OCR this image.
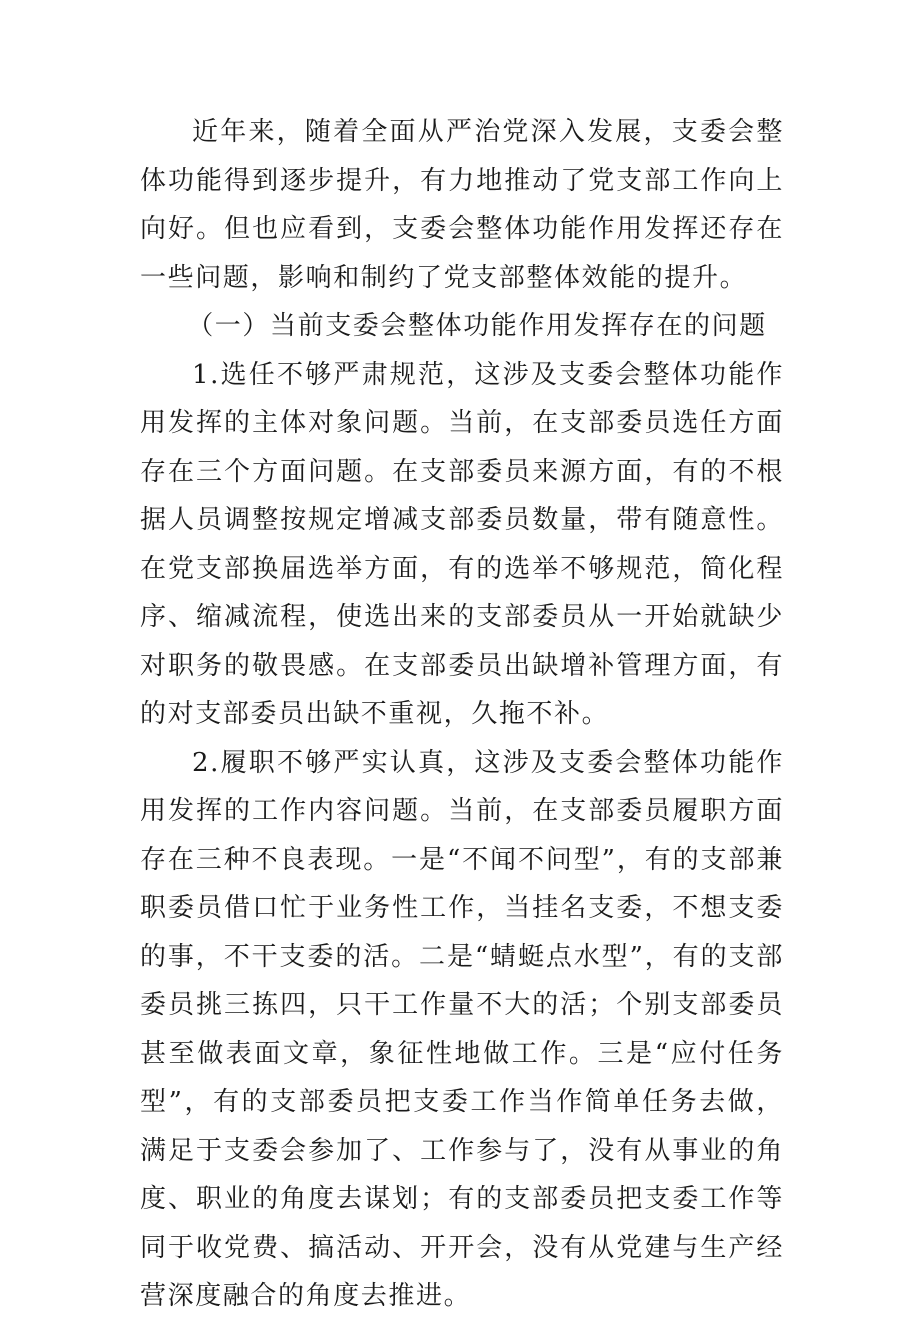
近年来，随着全面从严治党深入发展，支委会整体功能得到逐步提升，有力地推动了党支部工作向上向好。但也应看到，支委会整体功能作用发挥还存在一些问题，影响和制约了党支部整体效能的提升。

（一）当前支委会整体功能作用发挥存在的问题

1.选任不够严肃规范，这涉及支委会整体功能作用发挥的主体对象问题。当前，在支部委员选任方面存在三个方面问题。在支部委员来源方面，有的不根据人员调整按规定增减支部委员数量，带有随意性。在党支部换届选举方面，有的选举不够规范，简化程序、缩减流程，使选出来的支部委员从一开始就缺少对职务的敬畏感。在支部委员出缺增补管理方面，有的对支部委员出缺不重视，久拖不补。

2.履职不够严实认真，这涉及支委会整体功能作用发挥的工作内容问题。当前，在支部委员履职方面存在三种不良表现。一是“不闻不问型”，有的支部兼职委员借口忙于业务性工作，当挂名支委，不想支委的事，不干支委的活。二是“蜻蜓点水型”，有的支部委员挑三拣四，只干工作量不大的活；个别支部委员甚至做表面文章，象征性地做工作。三是“应付任务型”，有的支部委员把支委工作当作简单任务去做，满足于支委会参加了、工作参与了，没有从事业的角度、职业的角度去谋划；有的支部委员把支委工作等同于收党费、搞活动、开开会，没有从党建与生产经营深度融合的角度去推进。
